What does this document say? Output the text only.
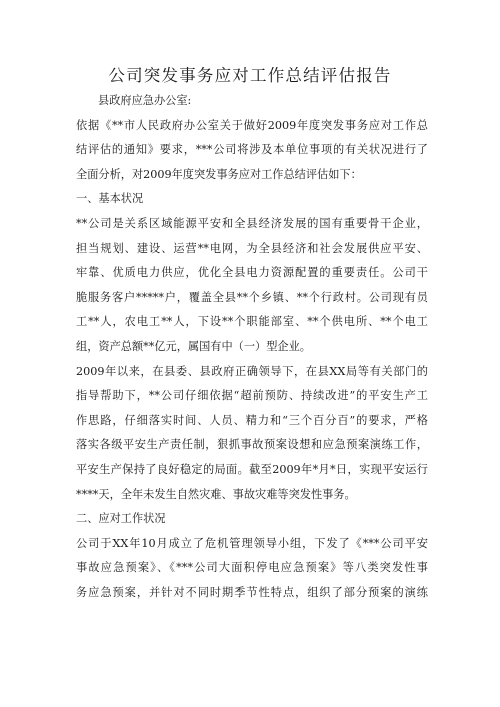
公司突发事务应对工作总结评估报告
县政府应急办公室:
依据《**市人民政府办公室关于做好2009年度突发事务应对工作总
结评估的通知》要求，***公司将涉及本单位事项的有关状况进行了
全面分析，对2009年度突发事务应对工作总结评估如下：
一、基本状况
**公司是关系区域能源平安和全县经济发展的国有重要骨干企业，
担当规划、建设、运营**电网，为全县经济和社会发展供应平安、
牢靠、优质电力供应，优化全县电力资源配置的重要责任。公司干
脆服务客户*****户，覆盖全县**个乡镇、**个行政村。公司现有员
工**人，农电工**人，下设**个职能部室、**个供电所、**个电工
组，资产总额**亿元，属国有中（一）型企业。
2009年以来，在县委、县政府正确领导下，在县XX局等有关部门的
指导帮助下，**公司仔细依据“超前预防、持续改进”的平安生产工
作思路，仔细落实时间、人员、精力和“三个百分百”的要求，严格
落实各级平安生产责任制，狠抓事故预案设想和应急预案演练工作，
平安生产保持了良好稳定的局面。截至2009年*月*日，实现平安运行
****天，全年未发生自然灾难、事故灾难等突发性事务。
二、应对工作状况
公司于XX年10月成立了危机管理领导小组，下发了《***公司平安
事故应急预案》、《***公司大面积停电应急预案》等八类突发性事
务应急预案，并针对不同时期季节性特点，组织了部分预案的演练
